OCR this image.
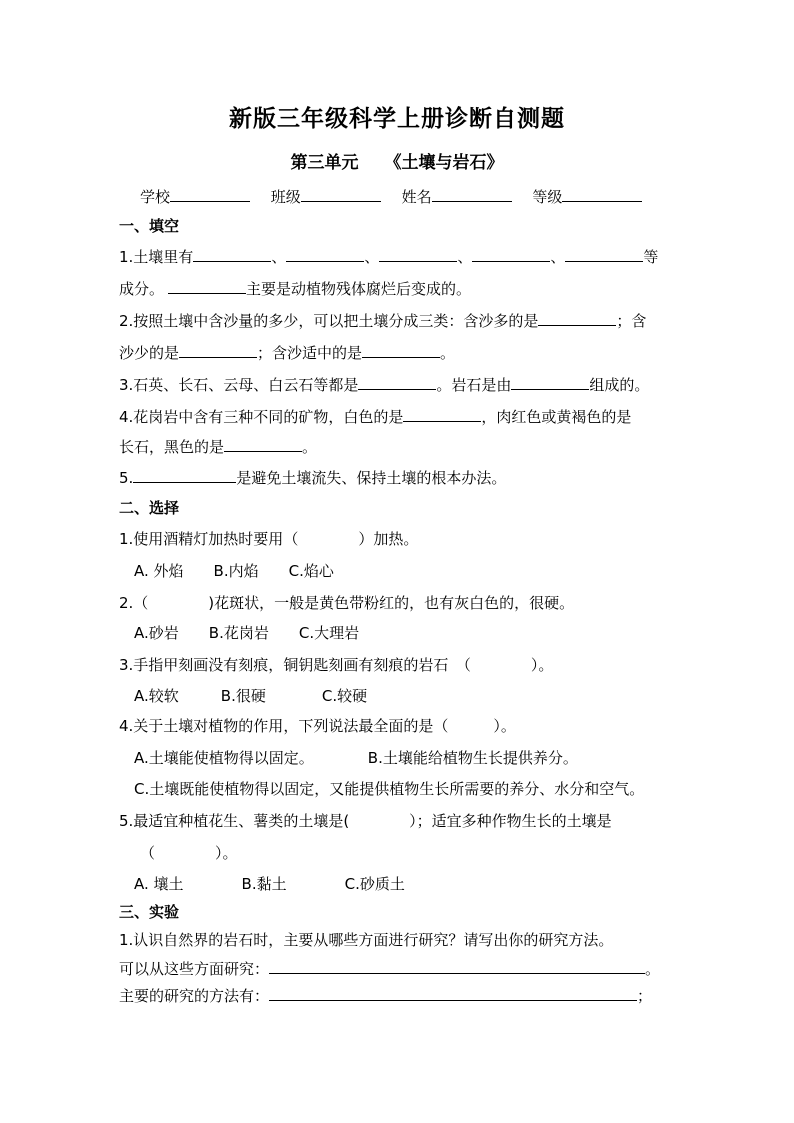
新版三年级科学上册诊断自测题
第三单元 《土壤与岩石》
学校	班级	姓名	等级
一、填空
1.土壤里有	、	、	、	、	等
成分。	主要是动植物残体腐烂后变成的。
2.按照土壤中含沙量的多少，可以把土壤分成三类：含沙多的是	；含
沙少的是	；含沙适中的是	。
3.石英、长石、云母、白云石等都是	。岩石是由	组成的。
4.花岗岩中含有三种不同的矿物，白色的是	，肉红色或黄褐色的是
长石，黑色的是	。
5.	是避免土壤流失、保持土壤的根本办法。
二、选择
1.使用酒精灯加热时要用（　　　　）加热。
A. 外焰 B.内焰 C.焰心
2.（　　　　)花斑状，一般是黄色带粉红的，也有灰白色的，很硬。
A.砂岩 B.花岗岩 C.大理岩
3.手指甲刻画没有刻痕，铜钥匙刻画有刻痕的岩石　（　　　　）。
A.较软	B.很硬	C.较硬
4.关于土壤对植物的作用，下列说法最全面的是（　　　）。
A.土壤能使植物得以固定。	B.土壤能给植物生长提供养分。
C.土壤既能使植物得以固定，又能提供植物生长所需要的养分、水分和空气。
5.最适宜种植花生、薯类的土壤是(　　　　）；适宜多种作物生长的土壤是
（　　　　）。
A. 壤土	B.黏土	C.砂质土
三、实验
1.认识自然界的岩石时，主要从哪些方面进行研究？请写出你的研究方法。
可以从这些方面研究：	。
主要的研究的方法有：	；
